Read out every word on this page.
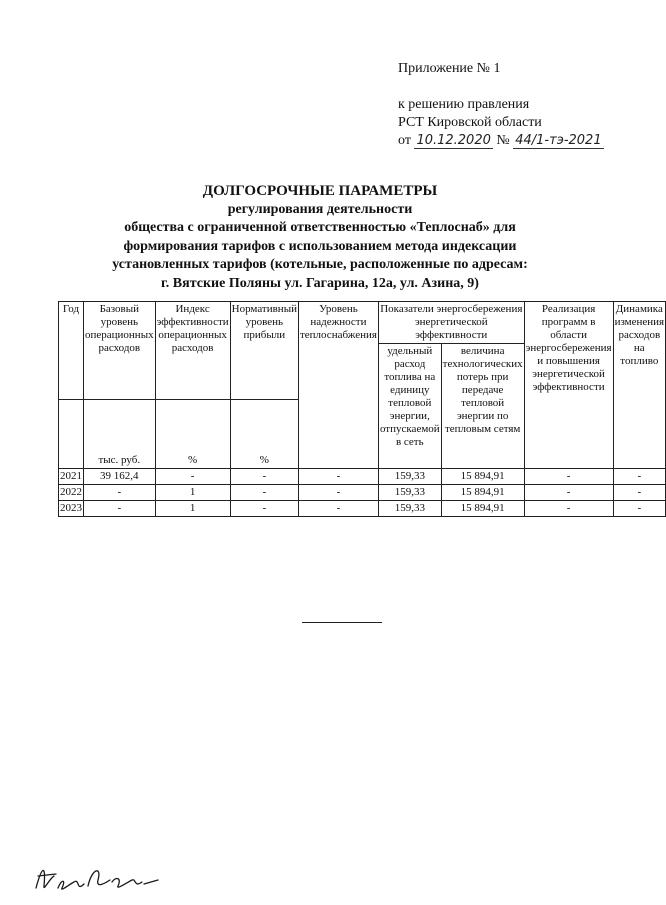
Приложение № 1
к решению правления
РСТ Кировской области
от 10.12.2020 № 44/1-тэ-2021
ДОЛГОСРОЧНЫЕ ПАРАМЕТРЫ
регулирования деятельности
общества с ограниченной ответственностью «Теплоснаб» для
формирования тарифов с использованием метода индексации
установленных тарифов (котельные, расположенные по адресам:
г. Вятские Поляны ул. Гагарина, 12а, ул. Азина, 9)
Год	Базовый уровень операционных расходов	Индекс эффективности операционных расходов	Нормативный уровень прибыли	Уровень надежности теплоснабжения	Показатели энергосбережения энергетической эффективности		Реализация программ в области энергосбережения и повышения энергетической эффективности	Динамика изменения расходов на топливо
					удельный расход топлива на единицу тепловой энергии, отпускаемой в сеть	величина технологических потерь при передаче тепловой энергии по тепловым сетям		
	тыс. руб.	%	%					
2021	39 162,4	-	-	-	159,33	15 894,91	-	-
2022	-	1	-	-	159,33	15 894,91	-	-
2023	-	1	-	-	159,33	15 894,91	-	-
